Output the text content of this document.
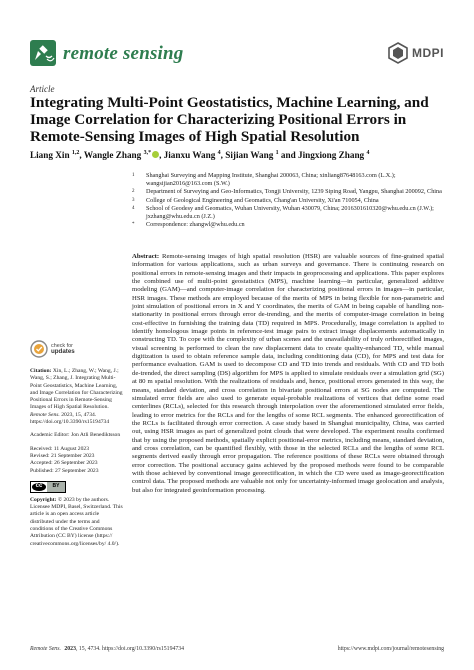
remote sensing	MDPI
Article
Integrating Multi-Point Geostatistics, Machine Learning, and Image Correlation for Characterizing Positional Errors in Remote-Sensing Images of High Spatial Resolution
Liang Xin $^{1,2}$, Wangle Zhang $^{3,*}$ , Jianxu Wang $^4$, Sijian Wang $^1$ and Jingxiong Zhang $^4$
1 Shanghai Surveying and Mapping Institute, Shanghai 200063, China; xinliang87648163.com (L.X.); wangsijian2016@163.com (S.W.)
2 Department of Surveying and Geo-Informatics, Tongji University, 1239 Siping Road, Yangpu, Shanghai 200092, China
3 College of Geological Engineering and Geomatics, Chang'an University, Xi'an 710054, China
4 School of Geodesy and Geomatics, Wuhan University, Wuhan 430079, China; 2016301610320@whu.edu.cn (J.W.); jxzhang@whu.edu.cn (J.Z.)
* Correspondence: zhangwl@whu.edu.cn
Abstract: Remote-sensing images of high spatial resolution (HSR) are valuable sources of fine-grained spatial information for various applications, such as urban surveys and governance. There is continuing research on positional errors in remote-sensing images and their impacts in geoprocessing and applications. This paper explores the combined use of multi-point geostatistics (MPS), machine learning—in particular, generalized additive modeling (GAM)—and computer-image correlation for characterizing positional errors in images—in particular, HSR images. These methods are employed because of the merits of MPS in being flexible for non-parametric and joint simulation of positional errors in X and Y coordinates, the merits of GAM in being capable of handling non-stationarity in positional errors through error de-trending, and the merits of computer-image correlation in being cost-effective in furnishing the training data (TD) required in MPS. Procedurally, image correlation is applied to identify homologous image points in reference-test image pairs to extract image displacements automatically in constructing TD. To cope with the complexity of urban scenes and the unavailability of truly orthorectified images, visual screening is performed to clean the raw displacement data to create quality-enhanced TD, while manual digitization is used to obtain reference sample data, including conditioning data (CD), for MPS and test data for performance evaluation. GAM is used to decompose CD and TD into trends and residuals. With CD and TD both de-trended, the direct sampling (DS) algorithm for MPS is applied to simulate residuals over a simulation grid (SG) at 80 m spatial resolution. With the realizations of residuals and, hence, positional errors generated in this way, the means, standard deviation, and cross correlation in bivariate positional errors at SG nodes are computed. The simulated error fields are also used to generate equal-probable realizations of vertices that define some road centerlines (RCLs), selected for this research through interpolation over the aforementioned simulated error fields, leading to error metrics for the RCLs and for the lengths of some RCL segments. The enhanced georectification of the RCLs is facilitated through error correction. A case study based in Shanghai municipality, China, was carried out, using HSR images as part of generalized point clouds that were developed. The experiment results confirmed that by using the proposed methods, spatially explicit positional-error metrics, including means, standard deviation, and cross correlation, can be quantified flexibly, with those in the selected RCLs and the lengths of some RCL segments derived easily through error propagation. The reference positions of these RCLs were obtained through error correction. The positional accuracy gains achieved by the proposed methods were found to be comparable with those achieved by conventional image georectification, in which the CD were used as image-georectification control data. The proposed methods are valuable not only for uncertainty-informed image geolocation and analysis, but also for integrated geoinformation processing.
check for
updates
Citation: Xin, L.; Zhang, W.; Wang, J.; Wang, S.; Zhang, J. Integrating Multi-Point Geostatistics, Machine Learning, and Image Correlation for Characterizing Positional Errors in Remote-Sensing Images of High Spatial Resolution. Remote Sens. 2023, 15, 4734. https://doi.org/10.3390/rs15194734
Academic Editor: Jon Atli Benediktsson
Received: 11 August 2023
Revised: 21 September 2023
Accepted: 26 September 2023
Published: 27 September 2023
cc	BY
Copyright: © 2023 by the authors. Licensee MDPI, Basel, Switzerland. This article is an open access article distributed under the terms and conditions of the Creative Commons Attribution (CC BY) license (https:// creativecommons.org/licenses/by/ 4.0/).
Remote Sens. 2023, 15, 4734. https://doi.org/10.3390/rs15194734	https://www.mdpi.com/journal/remotesensing
